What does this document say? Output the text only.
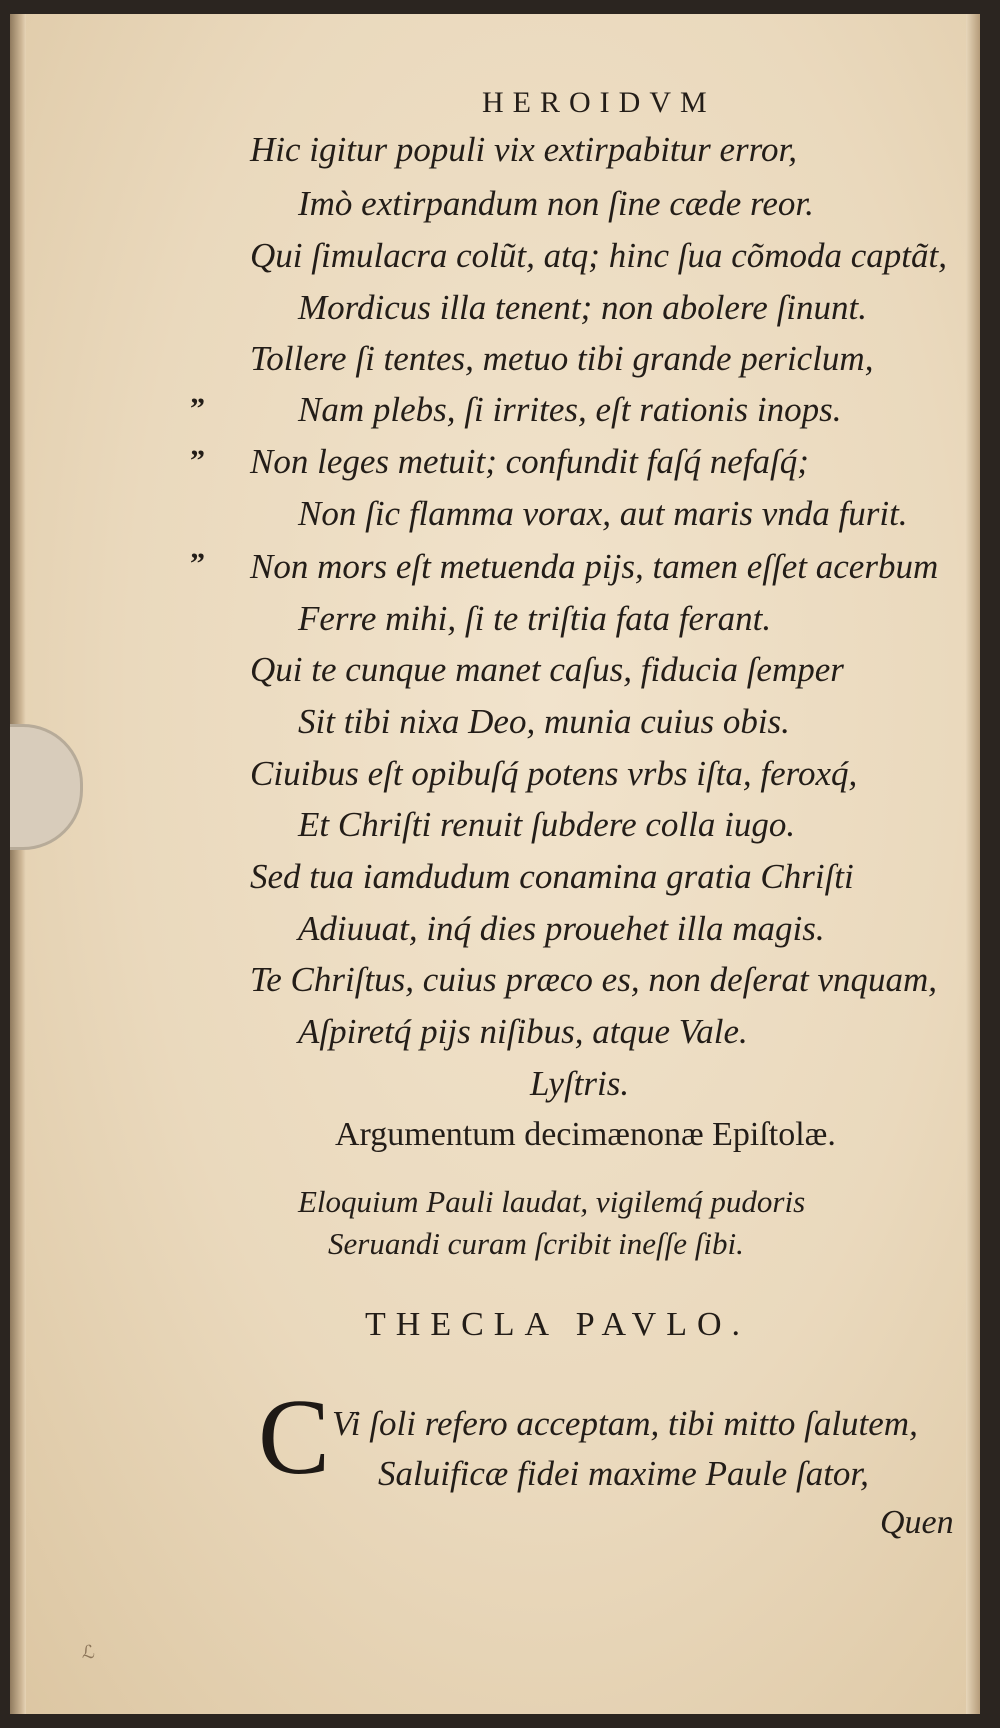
HEROIDVM
Hic igitur populi vix extirpabitur error,
Imò extirpandum non ſine cæde reor.
Qui ſimulacra colũt, atq; hinc ſua cõmoda captãt,
Mordicus illa tenent; non abolere ſinunt.
Tollere ſi tentes, metuo tibi grande periclum,
Nam plebs, ſi irrites, eſt rationis inops.
Non leges metuit; confundit faſq́ nefaſq́;
Non ſic flamma vorax, aut maris vnda furit.
Non mors eſt metuenda pijs, tamen eſſet acerbum
Ferre mihi, ſi te triſtia fata ferant.
Qui te cunque manet caſus, fiducia ſemper
Sit tibi nixa Deo, munia cuius obis.
Ciuibus eſt opibuſq́ potens vrbs iſta, feroxq́,
Et Chriſti renuit ſubdere colla iugo.
Sed tua iamdudum conamina gratia Chriſti
Adiuuat, inq́ dies prouehet illa magis.
Te Chriſtus, cuius præco es, non deſerat vnquam,
Aſpiretq́ pijs niſibus, atque Vale.
”
”
”
Lyſtris.
Argumentum decimænonæ Epiſtolæ.
Eloquium Pauli laudat, vigilemq́ pudoris
Seruandi curam ſcribit ineſſe ſibi.
THECLA PAVLO.
C Vi ſoli refero acceptam, tibi mitto ſalutem,
Saluificæ fidei maxime Paule ſator,
Quen
ℒ
